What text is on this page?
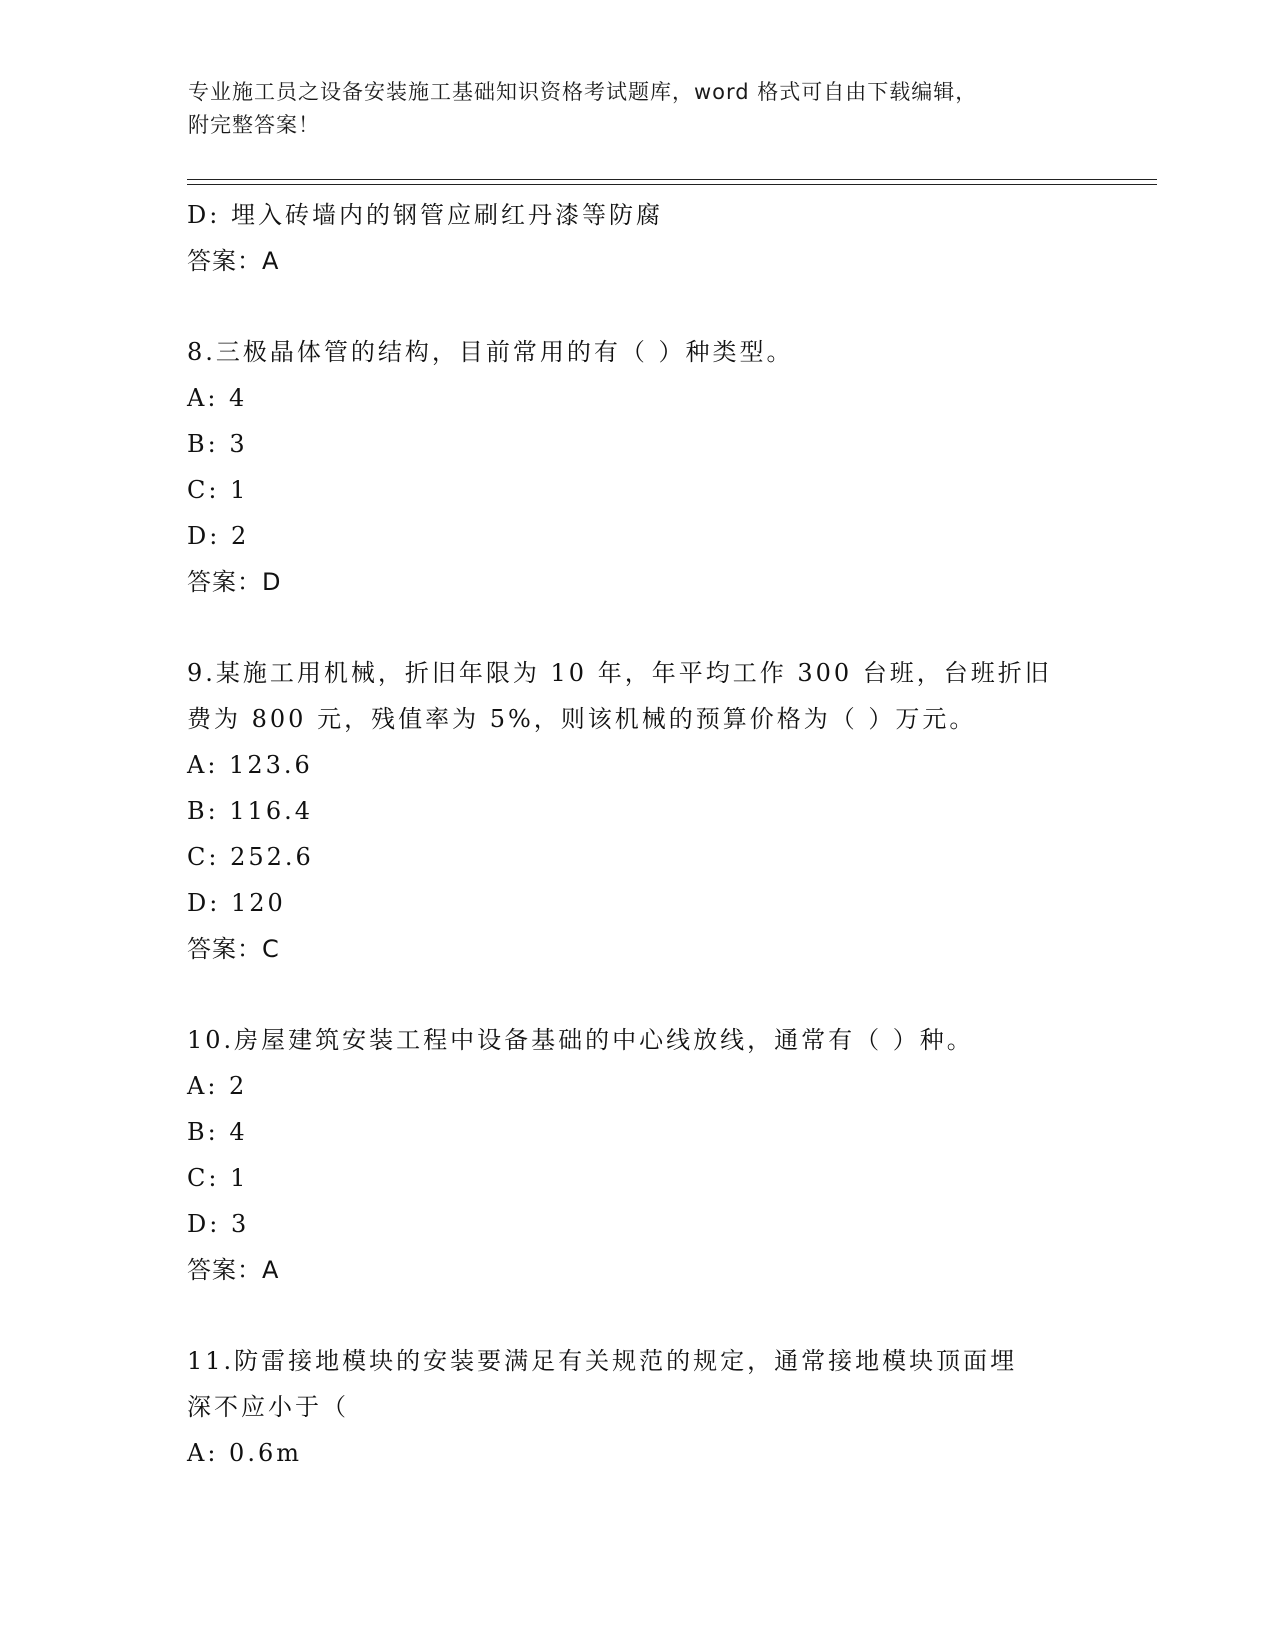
专业施工员之设备安装施工基础知识资格考试题库，word 格式可自由下载编辑，
附完整答案！
D: 埋入砖墙内的钢管应刷红丹漆等防腐
答案：A
8.三极晶体管的结构，目前常用的有（ ）种类型。
A: 4
B: 3
C: 1
D: 2
答案：D
9.某施工用机械，折旧年限为 10 年，年平均工作 300 台班，台班折旧
费为 800 元，残值率为 5%，则该机械的预算价格为（ ）万元。
A: 123.6
B: 116.4
C: 252.6
D: 120
答案：C
10.房屋建筑安装工程中设备基础的中心线放线，通常有（ ）种。
A: 2
B: 4
C: 1
D: 3
答案：A
11.防雷接地模块的安装要满足有关规范的规定，通常接地模块顶面埋
深不应小于（
A: 0.6m
